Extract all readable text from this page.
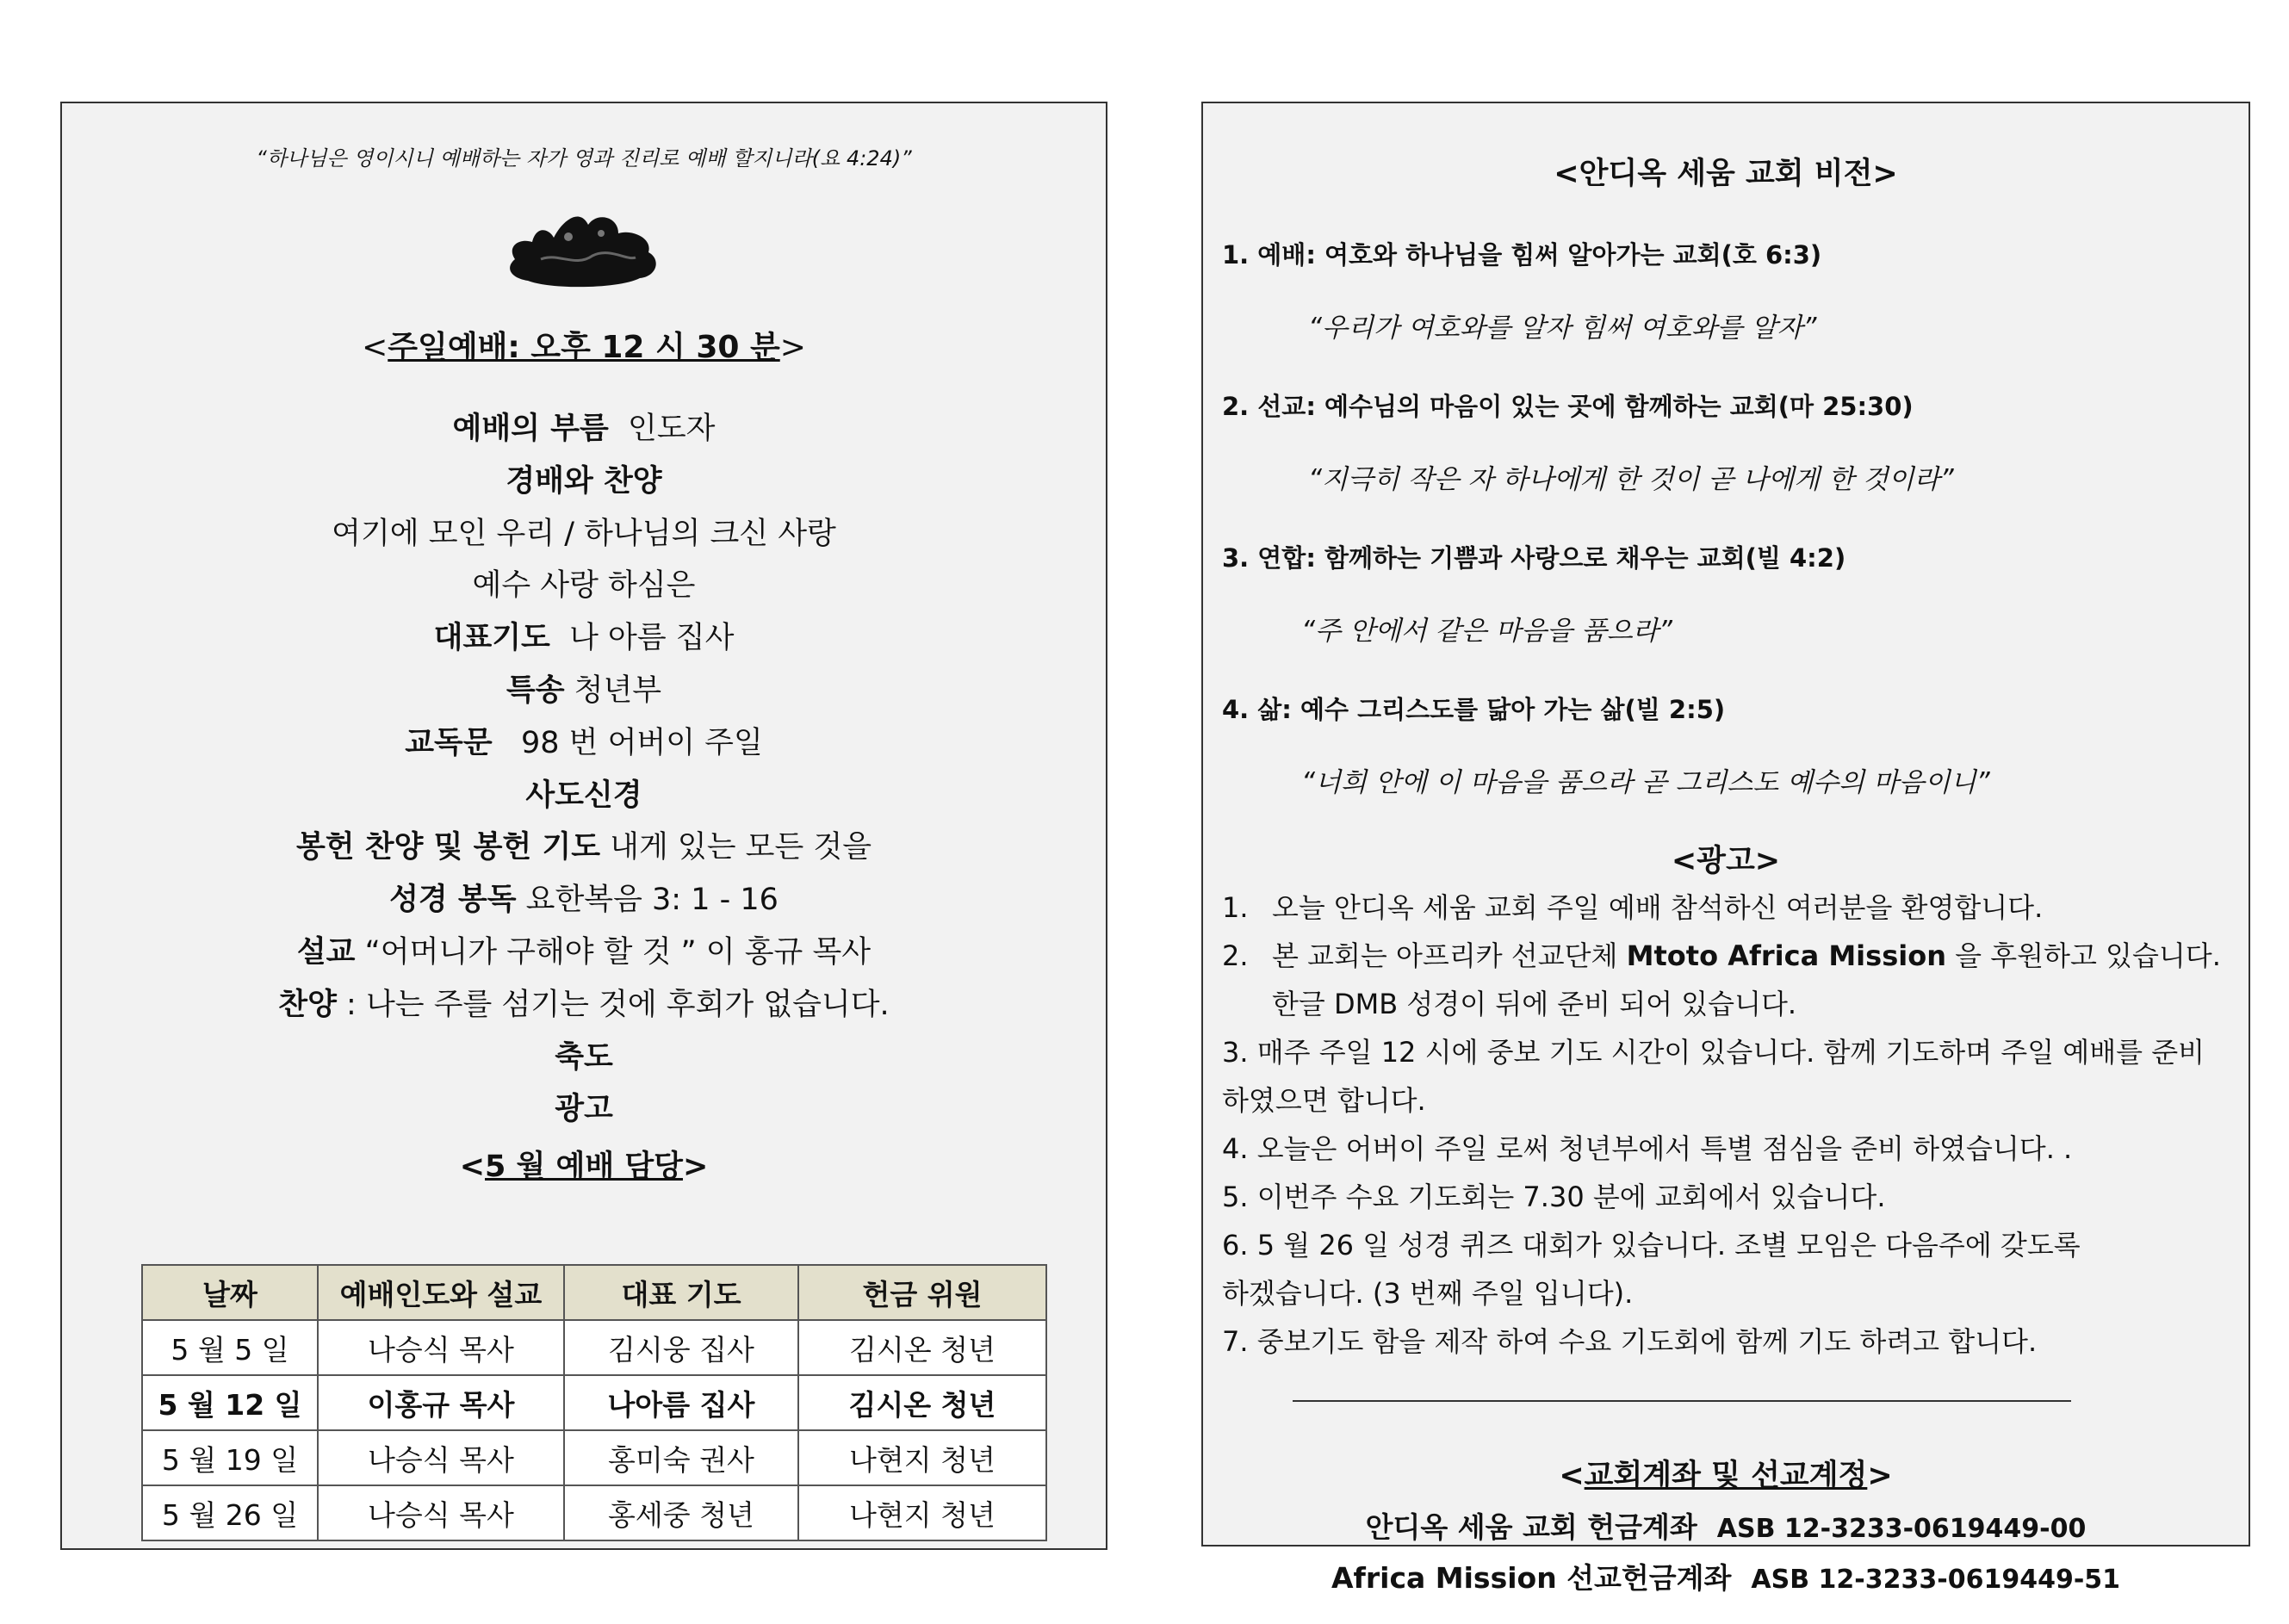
“하나님은 영이시니 예배하는 자가 영과 진리로 예배 할지니라(요 4:24)”
<주일예배: 오후 12 시 30 분>
예배의 부름  인도자
경배와 찬양
여기에 모인 우리 / 하나님의 크신 사랑
예수 사랑 하심은
대표기도  나 아름 집사
특송 청년부
교독문   98 번 어버이 주일
사도신경
봉헌 찬양 및 봉헌 기도 내게 있는 모든 것을
성경 봉독 요한복음 3: 1 - 16
설교 “어머니가 구해야 할 것 ” 이 홍규 목사
찬양 : 나는 주를 섬기는 것에 후회가 없습니다.
축도
광고
<5 월 예배 담당>
날짜	예배인도와 설교	대표 기도	헌금 위원
5 월 5 일	나승식 목사	김시웅 집사	김시온 청년
5 월 12 일	이홍규 목사	나아름 집사	김시온 청년
5 월 19 일	나승식 목사	홍미숙 권사	나현지 청년
5 월 26 일	나승식 목사	홍세중 청년	나현지 청년
<안디옥 세움 교회 비전>
1. 예배: 여호와 하나님을 힘써 알아가는 교회(호 6:3)
“우리가 여호와를 알자 힘써 여호와를 알자”
2. 선교: 예수님의 마음이 있는 곳에 함께하는 교회(마 25:30)
“지극히 작은 자 하나에게 한 것이 곧 나에게 한 것이라”
3. 연합: 함께하는 기쁨과 사랑으로 채우는 교회(빌 4:2)
“주 안에서 같은 마음을 품으라”
4. 삶: 예수 그리스도를 닮아 가는 삶(빌 2:5)
“너희 안에 이 마음을 품으라 곧 그리스도 예수의 마음이니”
<광고>
1. 오늘 안디옥 세움 교회 주일 예배 참석하신 여러분을 환영합니다.
2. 본 교회는 아프리카 선교단체 Mtoto Africa Mission 을 후원하고 있습니다.
한글 DMB 성경이 뒤에 준비 되어 있습니다.
3. 매주 주일 12 시에 중보 기도 시간이 있습니다. 함께 기도하며 주일 예배를 준비
하였으면 합니다.
4. 오늘은 어버이 주일 로써 청년부에서 특별 점심을 준비 하였습니다. .
5. 이번주 수요 기도회는 7.30 분에 교회에서 있습니다.
6. 5 월 26 일 성경 퀴즈 대회가 있습니다. 조별 모임은 다음주에 갖도록
하겠습니다. (3 번째 주일 입니다).
7. 중보기도 함을 제작 하여 수요 기도회에 함께 기도 하려고 합니다.
<교회계좌 및 선교계정>
안디옥 세움 교회 헌금계좌 ASB 12-3233-0619449-00
Africa Mission 선교헌금계좌 ASB 12-3233-0619449-51
